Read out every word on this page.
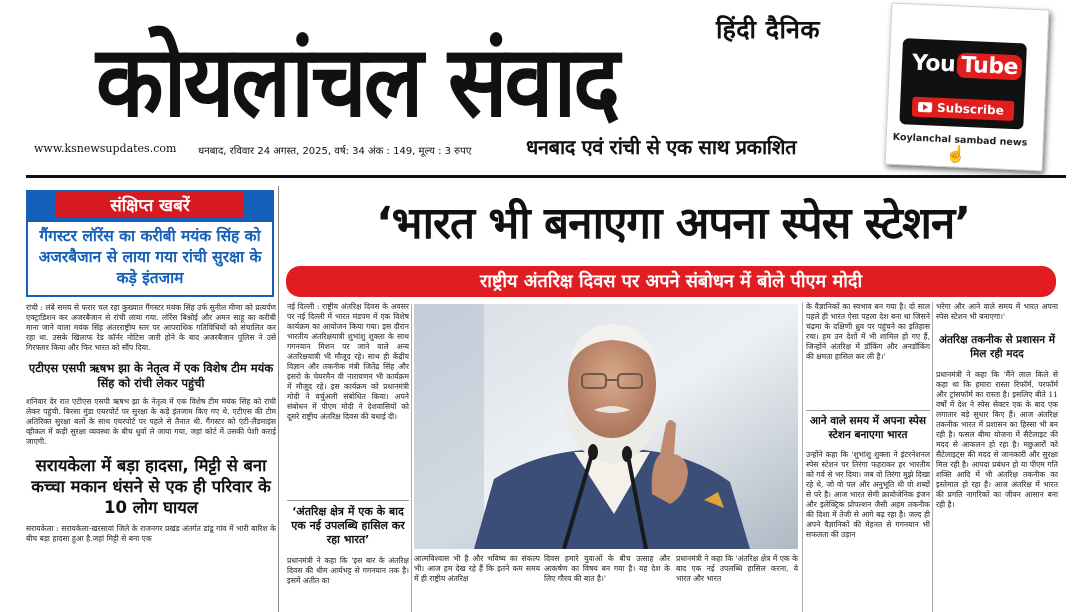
हिंदी दैनिक
कोयलांचल संवाद
www.ksnewsupdates.com धनबाद, रविवार 24 अगस्त, 2025, वर्ष: 34 अंक : 149, मूल्य : 3 रुपए	धनबाद एवं रांची से एक साथ प्रकाशित
You Tube
Subscribe
Koylanchal sambad news
☝
संक्षिप्त खबरें
गैंगस्टर लॉरेंस का करीबी मयंक सिंह को अजरबैजान से लाया गया रांची सुरक्षा के कड़े इंतजाम

रांची : लंबे समय से फरार चल रहा कुख्यात गैंगस्टर मयंक सिंह उर्फ सुनील मीणा को प्रत्यर्पण एक्ट्राडिशन कर अजरबैजान से रांची लाया गया. लॉरेंस बिश्नोई और अमन साहू का करीबी माना जाने वाला मयंक सिंह अंतरराष्ट्रीय स्तर पर आपराधिक गतिविधियों को संचालित कर रहा था. उसके खिलाफ रेड कॉर्नर नोटिस जारी होने के बाद अजरबैजान पुलिस ने उसे गिरफ्तार किया और फिर भारत को सौंप दिया.

एटीएस एसपी ऋषभ झा के नेतृत्व में एक विशेष टीम मयंक सिंह को रांची लेकर पहुंची

शनिवार देर रात एटीएस एसपी ऋषभ झा के नेतृत्व में एक विशेष टीम मयंक सिंह को रांची लेकर पहुंची. बिरसा मुंडा एयरपोर्ट पर सुरक्षा के कड़े इंतजाम किए गए थे. एटीएस की टीम अतिरिक्त सुरक्षा बलों के साथ एयरपोर्ट पर पहले से तैनात थी. गैंगस्टर को एंटी-लैंडमाइंस व्हीकल में कड़ी सुरक्षा व्यवस्था के बीच धुर्वा ले जाया गया, जहां कोर्ट में उसकी पेशी कराई जाएगी.

सरायकेला में बड़ा हादसा, मिट्टी से बना कच्चा मकान धंसने से एक ही परिवार के 10 लोग घायल

सरायकेला : सरायकेला-खरसावां जिले के राजनगर प्रखंड अंतर्गत डांडू गांव में भारी बारिश के बीच बड़ा हादसा हुआ है.जहां मिट्टी से बना एक

‘भारत भी बनाएगा अपना स्पेस स्टेशन’
राष्ट्रीय अंतरिक्ष दिवस पर अपने संबोधन में बोले पीएम मोदी

नई दिल्ली : राष्ट्रीय अंतरिक्ष दिवस के अवसर पर नई दिल्ली में भारत मंडपम में एक विशेष कार्यक्रम का आयोजन किया गया। इस दौरान भारतीय अंतरिक्षयात्री शुभांशु शुक्ला के साथ गगनयान मिशन पर जाने वाले अन्य अंतरिक्षयात्री भी मौजूद रहे। साथ ही केंद्रीय विज्ञान और तकनीक मंत्री जितेंद्र सिंह और इसरो के चेयरमैन वी नारायणन भी कार्यक्रम में मौजूद रहे। इस कार्यक्रम को प्रधानमंत्री मोदी ने वर्चुअली संबोधित किया। अपने संबोधन में पीएम मोदी ने देशवासियों को दूसरे राष्ट्रीय अंतरिक्ष दिवस की बधाई दी।

‘अंतरिक्ष क्षेत्र में एक के बाद एक नई उपलब्धि हासिल कर रहा भारत’

प्रधानमंत्री ने कहा कि 'इस बार के अंतरिक्ष दिवस की थीम आर्यभट्ट से गगनयान तक है। इसमें अतीत का

आत्मविश्वास भी है और भविष्य का संकल्प भी। आज हम देख रहे हैं कि इतने कम समय में ही राष्ट्रीय अंतरिक्ष

दिवस हमारे युवाओं के बीच उत्साह और आकर्षण का विषय बन गया है। यह देश के लिए गौरव की बात है।'

प्रधानमंत्री ने कहा कि 'अंतरिक्ष क्षेत्र में एक के बाद एक नई उपलब्धि हासिल करना, ये भारत और भारत

के वैज्ञानिकों का स्वभाव बन गया है। दो साल पहले ही भारत ऐसा पहला देश बना था जिसने चंद्रमा के दक्षिणी ध्रुव पर पहुंचने का इतिहास रचा। हम उन देशों में भी शामिल हो गए हैं, जिन्होंने अंतरिक्ष में डॉकिंग और अनडॉकिंग की क्षमता हासिल कर ली है।'

आने वाले समय में अपना स्पेस स्टेशन बनाएगा भारत

उन्होंने कहा कि 'शुभांशु शुक्ला ने इंटरनेशनल स्पेस स्टेशन पर तिरंगा फहराकर हर भारतीय को गर्व से भर दिया। जब वो तिरंगा मुझे दिखा रहे थे, जो वो पल और अनुभूति थी वो शब्दों से परे है। आज भारत सेमी क्रायोजेनिक इंजन और इलेक्ट्रिक प्रोपल्शन जैसी अहम तकनीक की दिशा में तेजी से आगे बढ़ रहा है। जल्द ही अपने वैज्ञानिकों की मेहनत से गगनयान भी सफलता की उड़ान

भरेगा और आने वाले समय में भारत अपना स्पेस स्टेशन भी बनाएगा।'

अंतरिक्ष तकनीक से प्रशासन में मिल रही मदद

प्रधानमंत्री ने कहा कि 'मैंने लाल किले से कहा था कि हमारा रास्ता रिफॉर्म, परफॉर्म और ट्रांसफॉर्म का रास्ता है। इसलिए बीते 11 वर्षों में देश ने स्पेस सेक्टर एक के बाद एक लगातार बड़े सुधार किए हैं। आज अंतरिक्ष तकनीक भारत में प्रशासन का हिस्सा भी बन रही है। फसल बीमा योजना में सैटेलाइट की मदद से आकलन हो रहा है। मछुआरों को सैटेलाइट्स की मदद से जानकारी और सुरक्षा मिल रही है। आपदा प्रबंधन हो या पीएम गति शक्ति आदि में भी अंतरिक्ष तकनीक का इस्तेमाल हो रहा है। आज अंतरिक्ष में भारत की प्रगति नागरिकों का जीवन आसान बना रही है।
